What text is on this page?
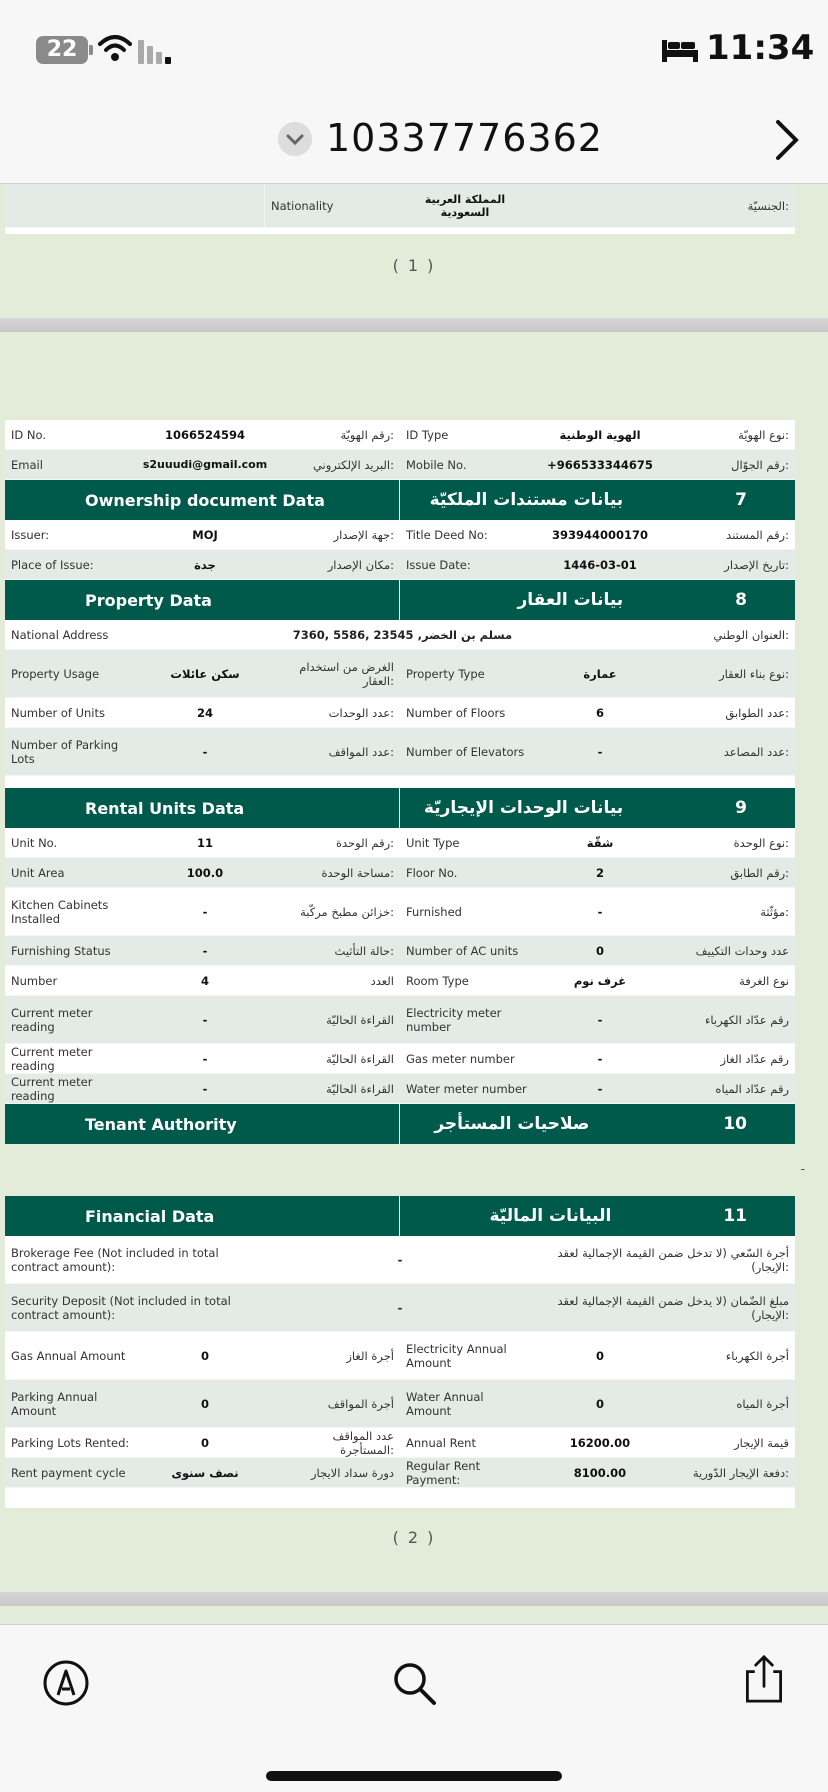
22	11:34
10337776362
Nationality	المملكة العربية السعودية	الجنسيّة:
( 1 )
ID No.	1066524594	رقم الهويّة:	ID Type	الهوية الوطنية	نوع الهويّة:
Email	s2uuudi@gmail.com	البريد الإلكتروني:	Mobile No.	+966533344675	رقم الجوّال:
Ownership document Data	بيانات مستندات الملكيّة	7
Issuer:	MOJ	جهة الإصدار:	Title Deed No:	393944000170	رقم المستند:
Place of Issue:	جدة	مكان الإصدار:	Issue Date:	1446-03-01	تاريخ الإصدار:
Property Data	بيانات العقار	8
National Address	7360, 5586, 23545 ,مسلم بن الخضر	العنوان الوطني:
Property Usage	سكن عائلات	الغرض من استخدام العقار:	Property Type	عمارة	نوع بناء العقار:
Number of Units	24	عدد الوحدات:	Number of Floors	6	عدد الطوابق:
Number of Parking Lots	-	عدد المواقف:	Number of Elevators	-	عدد المصاعد:
Rental Units Data	بيانات الوحدات الإيجاريّة	9
Unit No.	11	رقم الوحدة:	Unit Type	شقّة	نوع الوحدة:
Unit Area	100.0	مساحة الوحدة:	Floor No.	2	رقم الطابق:
Kitchen Cabinets Installed	-	خزائن مطبخ مركّبة:	Furnished	-	مؤثّثة:
Furnishing Status	-	حالة التأثيث:	Number of AC units	0	عدد وحدات التكييف
Number	4	العدد	Room Type	غرف نوم	نوع الغرفة
Current meter reading	-	القراءة الحاليّة	Electricity meter number	-	رقم عدّاد الكهرباء
Current meter reading	-	القراءة الحاليّة	Gas meter number	-	رقم عدّاد الغاز
Current meter reading	-	القراءة الحاليّة	Water meter number	-	رقم عدّاد المياه
Tenant Authority	صلاحيات المستأجر	10
-
Financial Data	البيانات الماليّة	11
Brokerage Fee (Not included in total contract amount):	-	أجرة السّعي (لا تدخل ضمن القيمة الإجمالية لعقد الإيجار):
Security Deposit (Not included in total contract amount):	-	مبلغ الضّمان (لا يدخل ضمن القيمة الإجمالية لعقد الإيجار):
Gas Annual Amount	0	أجرة الغاز	Electricity Annual Amount	0	أجرة الكهرباء
Parking Annual Amount	0	أجرة المواقف	Water Annual Amount	0	أجرة المياه
Parking Lots Rented:	0	عدد المواقف المستأجرة:	Annual Rent	16200.00	قيمة الإيجار
Rent payment cycle	نصف سنوى	دورة سداد الايجار	Regular Rent Payment:	8100.00	دفعة الإيجار الدّورية:
( 2 )
